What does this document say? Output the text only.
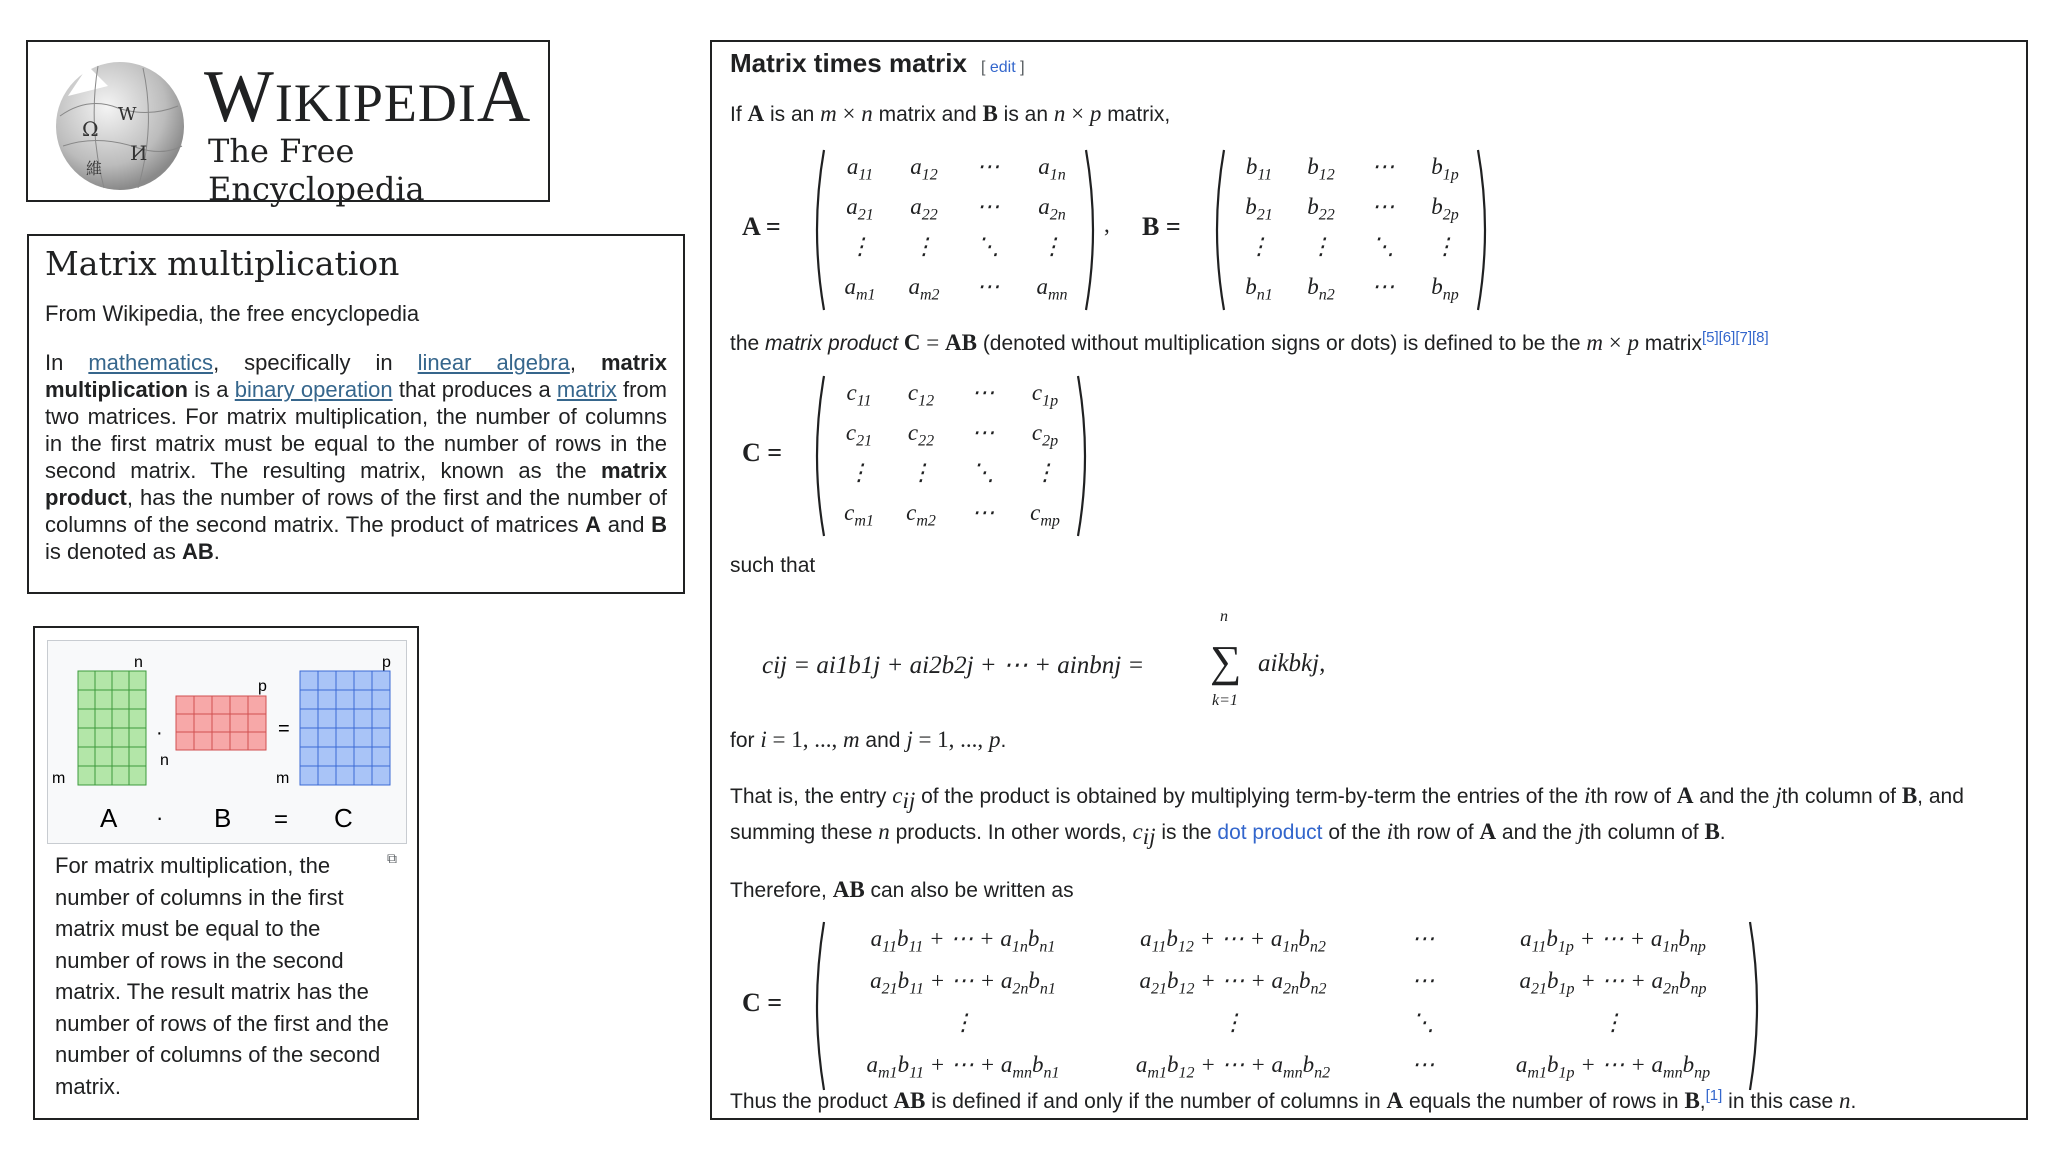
Ω
W
И
維
WIKIPEDIA
The Free Encyclopedia
Matrix multiplication
From Wikipedia, the free encyclopedia
In mathematics, specifically in linear algebra, matrix multiplication is a binary operation that produces a matrix from two matrices. For matrix multiplication, the number of columns in the first matrix must be equal to the number of rows in the second matrix. The resulting matrix, known as the matrix product, has the number of rows of the first and the number of columns of the second matrix. The product of matrices A and B is denoted as AB.
n
p
p
m
n
m
·	=
A · B = C
⧉
For matrix multiplication, the number of columns in the first matrix must be equal to the number of rows in the second matrix. The result matrix has the number of rows of the first and the number of columns of the second matrix.
Matrix times matrix [ edit ]

If A is an m × n matrix and B is an n × p matrix,

A =
$a_{11}$	$a_{12}$	⋯	$a_{1n}$
$a_{21}$	$a_{22}$	⋯	$a_{2n}$
⋮	⋮	⋱	⋮
$a_{m1}$	$a_{m2}$	⋯	$a_{mn}$
, B =
$b_{11}$	$b_{12}$	⋯	$b_{1p}$
$b_{21}$	$b_{22}$	⋯	$b_{2p}$
⋮	⋮	⋱	⋮
$b_{n1}$	$b_{n2}$	⋯	$b_{np}$

the matrix product C = AB (denoted without multiplication signs or dots) is defined to be the m × p matrix[5][6][7][8]

C =
$c_{11}$	$c_{12}$	⋯	$c_{1p}$
$c_{21}$	$c_{22}$	⋯	$c_{2p}$
⋮	⋮	⋱	⋮
$c_{m1}$	$c_{m2}$	⋯	$c_{mp}$

such that

cij = ai1b1j + ai2b2j + ⋯ + ainbnj = ∑
n
k=1
aikbkj,

for i = 1, ..., m and j = 1, ..., p.

That is, the entry $c_{ij}$ of the product is obtained by multiplying term-by-term the entries of the ith row of A and the jth column of B, and

summing these n products. In other words, $c_{ij}$ is the dot product of the ith row of A and the jth column of B.

Therefore, AB can also be written as

C =
$a_{11}b_{11}$ + ⋯ + $a_{1n}b_{n1}$	$a_{11}b_{12}$ + ⋯ + $a_{1n}b_{n2}$	⋯	$a_{11}b_{1p}$ + ⋯ + $a_{1n}b_{np}$
$a_{21}b_{11}$ + ⋯ + $a_{2n}b_{n1}$	$a_{21}b_{12}$ + ⋯ + $a_{2n}b_{n2}$	⋯	$a_{21}b_{1p}$ + ⋯ + $a_{2n}b_{np}$
⋮	⋮	⋱	⋮
$a_{m1}b_{11}$ + ⋯ + $a_{mn}b_{n1}$	$a_{m1}b_{12}$ + ⋯ + $a_{mn}b_{n2}$	⋯	$a_{m1}b_{1p}$ + ⋯ + $a_{mn}b_{np}$

Thus the product AB is defined if and only if the number of columns in A equals the number of rows in B,[1] in this case n.
